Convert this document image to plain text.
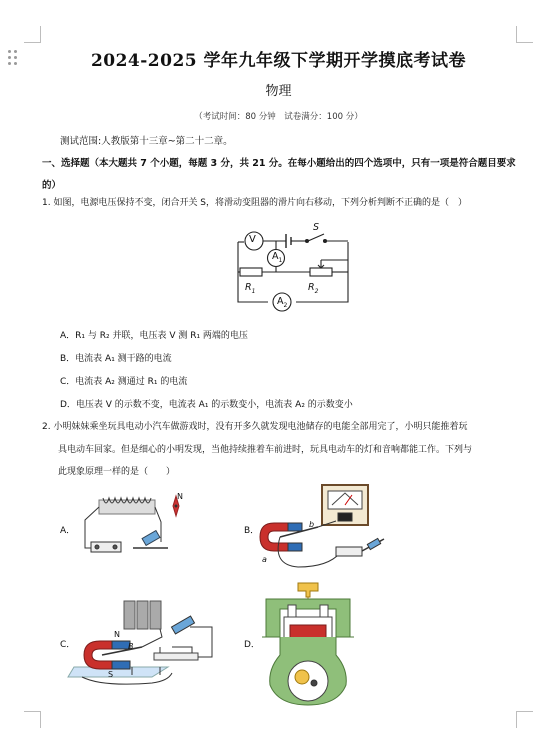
2024-2025 学年九年级下学期开学摸底考试卷
物理
（考试时间：80 分钟　试卷满分：100 分）
测试范围:人教版第十三章~第二十二章。
一、选择题（本大题共 7 个小题，每题 3 分，共 21 分。在每小题给出的四个选项中，只有一项是符合题目要求的）
1. 如图，电源电压保持不变，闭合开关 S，将滑动变阻器的滑片向右移动，下列分析判断不正确的是（　）
V
$A_1$
$A_2$
S
$R_1$	$R_2$
A．R₁ 与 R₂ 并联，电压表 V 测 R₁ 两端的电压
B．电流表 A₁ 测干路的电流
C．电流表 A₂ 测通过 R₁ 的电流
D．电压表 V 的示数不变，电流表 A₁ 的示数变小，电流表 A₂ 的示数变小
2. 小明妹妹乘坐玩具电动小汽车做游戏时，没有开多久就发现电池储存的电能全部用完了，小明只能推着玩
具电动车回家。但是细心的小明发现，当他持续推着车前进时，玩具电动车的灯和音响都能工作。下列与
此现象原理一样的是（　　）
A．
N
B．
b
a
C．
N
B
S
D．
